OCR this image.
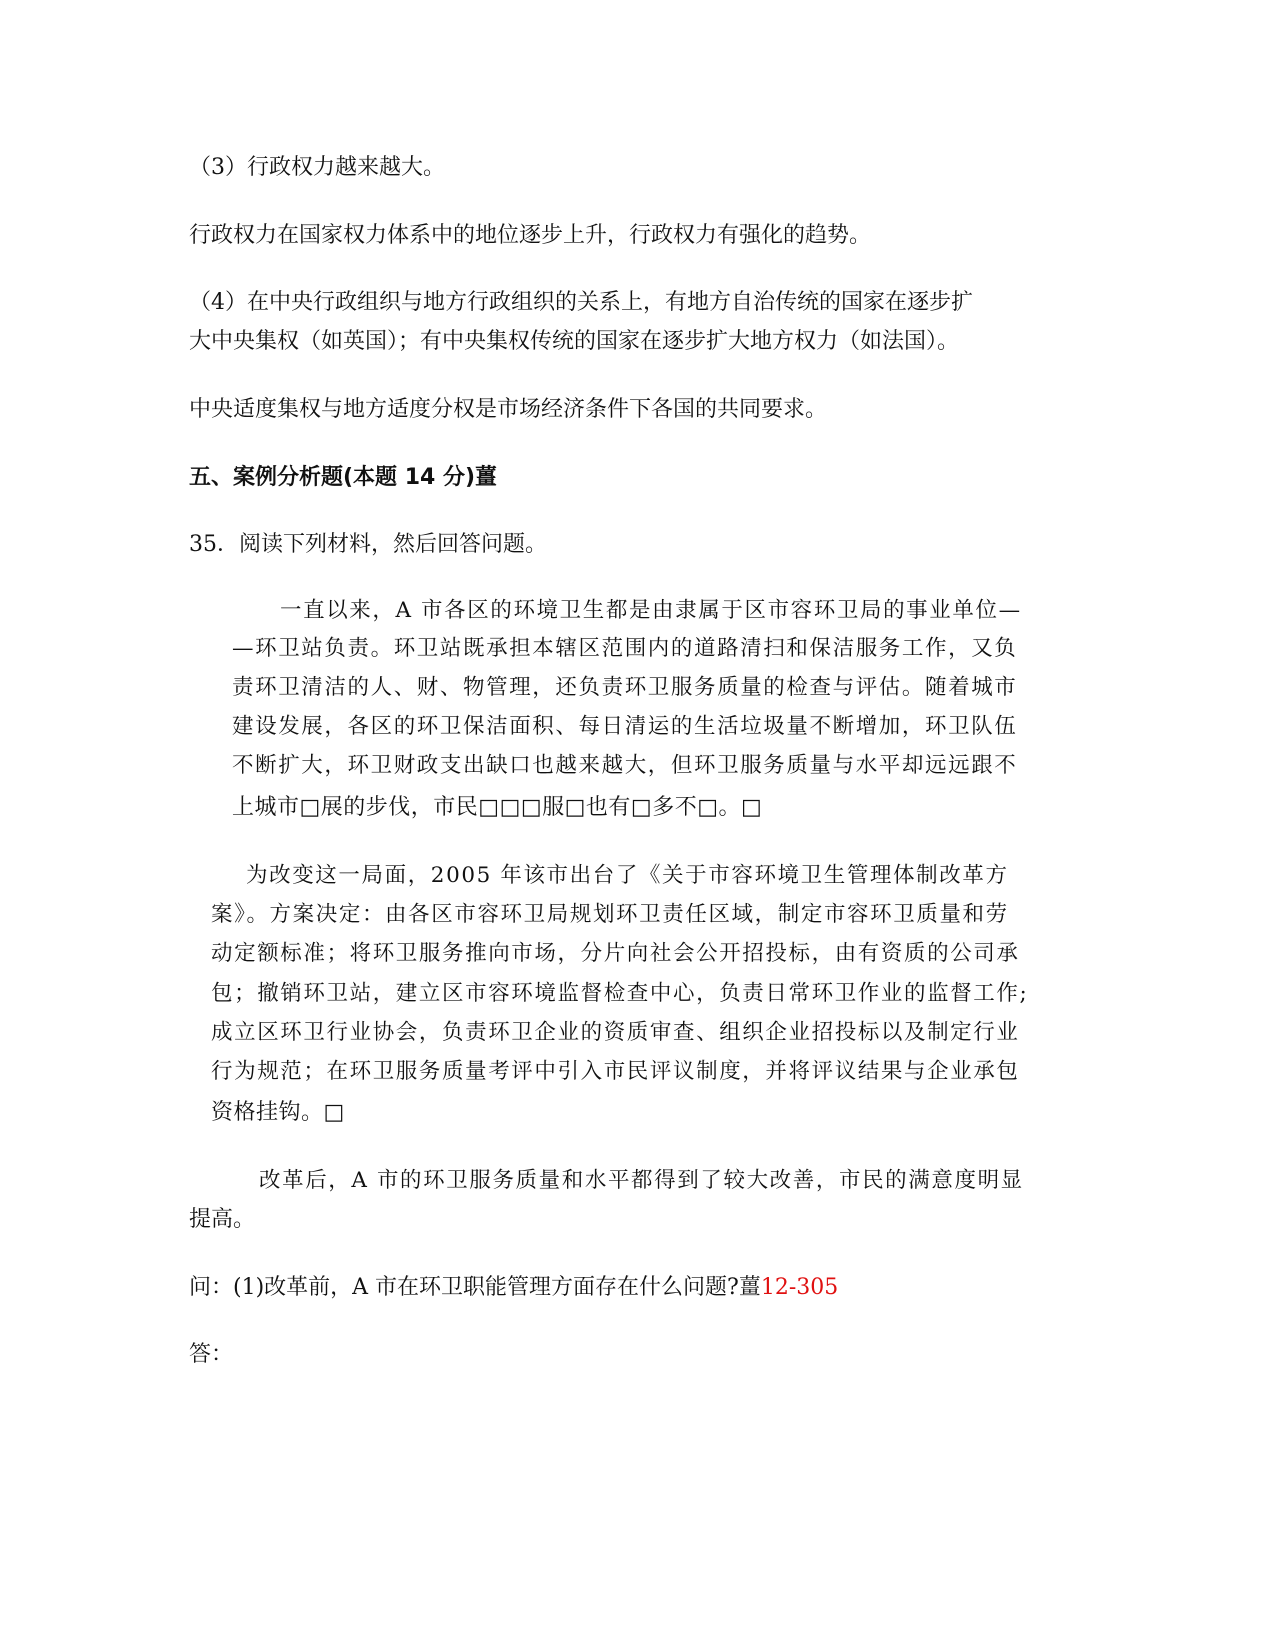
（3）行政权力越来越大。
行政权力在国家权力体系中的地位逐步上升，行政权力有强化的趋势。
（4）在中央行政组织与地方行政组织的关系上，有地方自治传统的国家在逐步扩
大中央集权（如英国）；有中央集权传统的国家在逐步扩大地方权力（如法国）。
中央适度集权与地方适度分权是市场经济条件下各国的共同要求。
五、案例分析题(本题 14 分)薑
35．阅读下列材料，然后回答问题。
一直以来，A 市各区的环境卫生都是由隶属于区市容环卫局的事业单位—
—环卫站负责。环卫站既承担本辖区范围内的道路清扫和保洁服务工作，又负
责环卫清洁的人、财、物管理，还负责环卫服务质量的检查与评估。随着城市
建设发展，各区的环卫保洁面积、每日清运的生活垃圾量不断增加，环卫队伍
不断扩大，环卫财政支出缺口也越来越大，但环卫服务质量与水平却远远跟不
上城市□展的步伐，市民□□□服□也有□多不□。□
为改变这一局面，2005 年该市出台了《关于市容环境卫生管理体制改革方
案》。方案决定：由各区市容环卫局规划环卫责任区域，制定市容环卫质量和劳
动定额标准；将环卫服务推向市场，分片向社会公开招投标，由有资质的公司承
包；撤销环卫站，建立区市容环境监督检查中心，负责日常环卫作业的监督工作;
成立区环卫行业协会，负责环卫企业的资质审查、组织企业招投标以及制定行业
行为规范；在环卫服务质量考评中引入市民评议制度，并将评议结果与企业承包
资格挂钩。□
改革后，A 市的环卫服务质量和水平都得到了较大改善，市民的满意度明显
提高。
问：(1)改革前，A 市在环卫职能管理方面存在什么问题?薑12-305
答：
